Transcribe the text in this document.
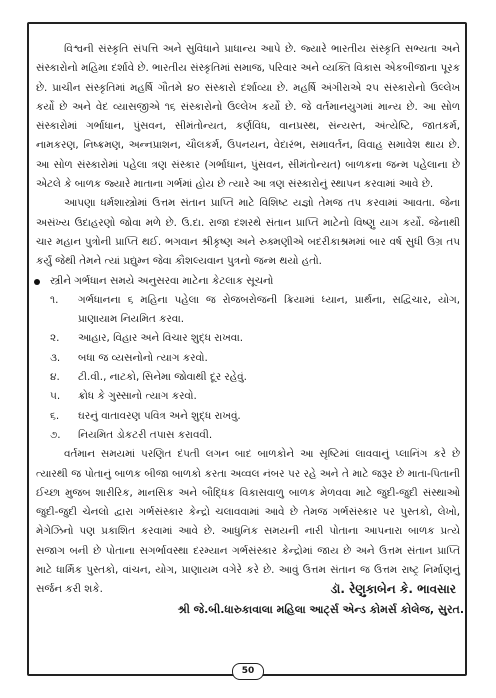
વિશ્વની સંસ્કૃતિ સંપત્તિ અને સુવિધાને પ્રાધાન્ય આપે છે. જ્યારે ભારતીય સંસ્કૃતિ સભ્યતા અને સંસ્કારોનો મહિમા દર્શાવે છે. ભારતીય સંસ્કૃતિમાં સમાજ, પરિવાર અને વ્યક્તિ વિકાસ એકબીજાના પૂરક છે. પ્રાચીન સંસ્કૃતિમાં મહર્ષિ ગૌતમે ૪૦ સંસ્કારો દર્શાવ્યા છે. મહર્ષિ અંગીરાએ ૨૫ સંસ્કારોનો ઉલ્લેખ કર્યો છે અને વેદ વ્યાસજીએ ૧૬ સંસ્કારોનો ઉલ્લેખ કર્યો છે. જે વર્તમાનયુગમાં માન્ય છે. આ સોળ સંસ્કારોમાં ગર્ભાધાન, પુંસવન, સીમંતોન્યત, કર્ણવિધ, વાનપ્રસ્થ, સંન્યસ્ત, અંત્યેષ્ટિ, જાતકર્મ, નામકરણ, નિષ્ક્રમણ, અન્નપ્રાશન, ચૌલકર્મ, ઉપનયન, વેદારંભ, સમાવર્તન, વિવાહ સમાવેશ થાય છે. આ સોળ સંસ્કારોમાં પહેલા ત્રણ સંસ્કાર (ગર્ભાધાન, પુંસવન, સીમંતોન્યત) બાળકના જન્મ પહેલાના છે એટલે કે બાળક જ્યારે માતાના ગર્ભમાં હોય છે ત્યારે આ ત્રણ સંસ્કારોનું સ્થાપન કરવામાં આવે છે.

આપણા ધર્મશાસ્ત્રોમાં ઉત્તમ સંતાન પ્રાપ્તિ માટે વિશિષ્ટ યજ્ઞો તેમજ તપ કરવામાં આવતા. જેના અસંખ્ય ઉદાહરણો જોવા મળે છે. ઉ.દા. રાજા દશરથે સંતાન પ્રાપ્તિ માટેનો વિષ્ણુ યાગ કર્યો. જેનાથી ચાર મહાન પુત્રોની પ્રાપ્તિ થઈ. ભગવાન શ્રીકૃષ્ણ અને રુક્મણીએ બદરીકાશ્રમમાં બાર વર્ષ સુધી ઉગ્ર તપ કર્યું જેથી તેમને ત્યાં પ્રદ્યુમ્ન જેવા કૌશલ્યવાન પુત્રનો જન્મ થયો હતો.

સ્ત્રીને ગર્ભધાન સમયે અનુસરવા માટેના કેટલાક સૂચનો
૧. ગર્ભધાનના ૬ મહિના પહેલા જ રોજબરોજની ક્રિયામાં ધ્યાન, પ્રાર્થના, સદ્વિચાર, યોગ, પ્રાણાયામ નિયમિત કરવા.
૨. આહાર, વિહાર અને વિચાર શુદ્ધ રાખવા.
૩. બધા જ વ્યસનોનો ત્યાગ કરવો.
૪. ટી.વી., નાટકો, સિનેમા જોવાથી દૂર રહેવું.
૫. ક્રોધ કે ગુસ્સાનો ત્યાગ કરવો.
૬. ઘરનું વાતાવરણ પવિત્ર અને શુદ્ધ રાખવું.
૭. નિયમિત ડોકટરી તપાસ કરાવવી.

વર્તમાન સમયમાં પરણિત દંપતી લગન બાદ બાળકોને આ સૃષ્ટિમાં લાવવાનું પ્લાનિંગ કરે છે ત્યારથી જ પોતાનું બાળક બીજા બાળકો કરતા અવ્વલ નંબર પર રહે અને તે માટે જરૂર છે માતા-પિતાની ઈચ્છા મુજબ શારીરિક, માનસિક અને બૌદ્ધિક વિકાસવાળુ બાળક મેળવવા માટે જુદી-જુદી સંસ્થાઓ જુદી-જુદી ચેનલો દ્વારા ગર્ભસંસ્કાર કેન્દ્રો ચલાવવામાં આવે છે તેમજ ગર્ભસંસ્કાર પર પુસ્તકો, લેખો, મેગેઝિનો પણ પ્રકાશિત કરવામાં આવે છે. આધુનિક સમયની નારી પોતાના આપનારા બાળક પ્રત્યે સજાગ બની છે પોતાના સગર્ભાવસ્થા દરમ્યાન ગર્ભસંસ્કાર કેન્દ્રોમાં જાય છે અને ઉત્તમ સંતાન પ્રાપ્તિ માટે ધાર્મિક પુસ્તકો, વાંચન, યોગ, પ્રાણાયમ વગેરે કરે છે. આવું ઉત્તમ સંતાન જ ઉત્તમ રાષ્ટ્ર નિર્માણનું સર્જન કરી શકે.	ડૉ. રેણુકાબેન કે. ભાવસાર
શ્રી જે.બી.ધારુકાવાલા મહિલા આર્ટ્સ એન્ડ કોમર્સ કોલેજ, સુરત.
50
